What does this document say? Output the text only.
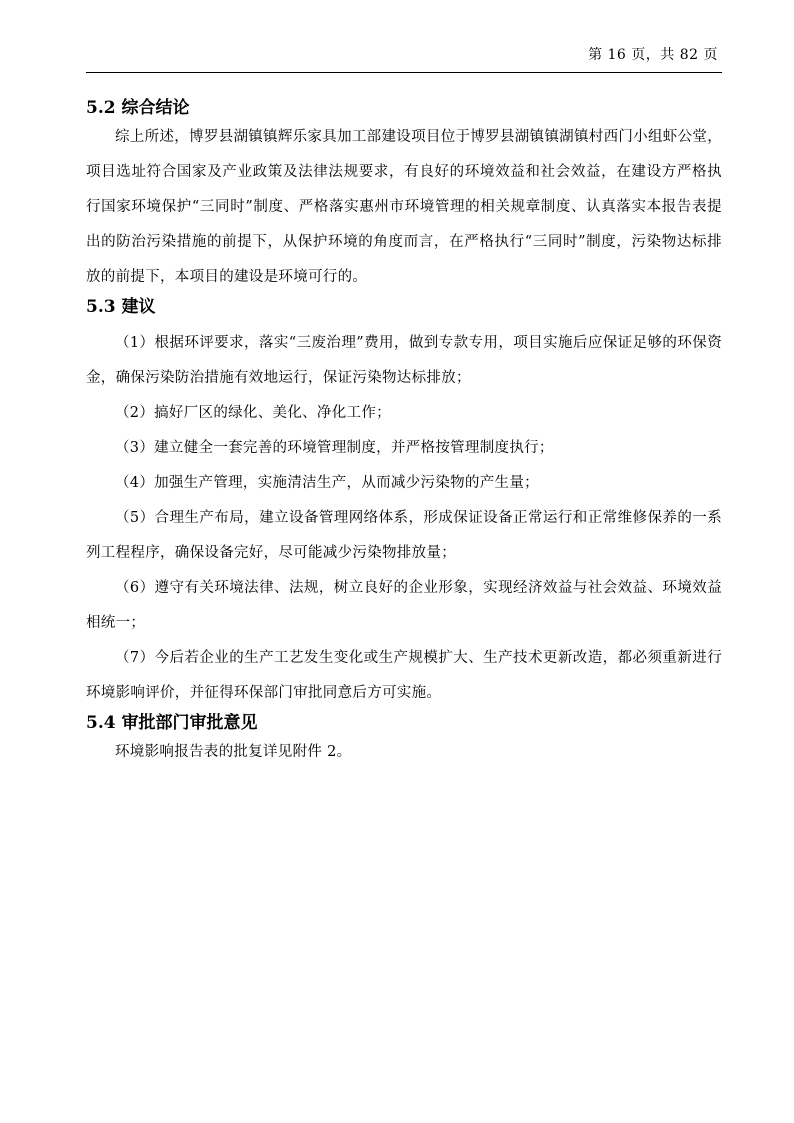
第 16 页，共 82 页
5.2 综合结论

综上所述，博罗县湖镇镇辉乐家具加工部建设项目位于博罗县湖镇镇湖镇村西门小组虾公堂，项目选址符合国家及产业政策及法律法规要求，有良好的环境效益和社会效益，在建设方严格执行国家环境保护“三同时”制度、严格落实惠州市环境管理的相关规章制度、认真落实本报告表提出的防治污染措施的前提下，从保护环境的角度而言，在严格执行“三同时”制度，污染物达标排放的前提下，本项目的建设是环境可行的。

5.3 建议

（1）根据环评要求，落实“三废治理”费用，做到专款专用，项目实施后应保证足够的环保资金，确保污染防治措施有效地运行，保证污染物达标排放；

（2）搞好厂区的绿化、美化、净化工作；

（3）建立健全一套完善的环境管理制度，并严格按管理制度执行；

（4）加强生产管理，实施清洁生产，从而减少污染物的产生量；

（5）合理生产布局，建立设备管理网络体系，形成保证设备正常运行和正常维修保养的一系列工程程序，确保设备完好，尽可能减少污染物排放量；

（6）遵守有关环境法律、法规，树立良好的企业形象，实现经济效益与社会效益、环境效益相统一；

（7）今后若企业的生产工艺发生变化或生产规模扩大、生产技术更新改造，都必须重新进行环境影响评价，并征得环保部门审批同意后方可实施。

5.4 审批部门审批意见

环境影响报告表的批复详见附件 2。
